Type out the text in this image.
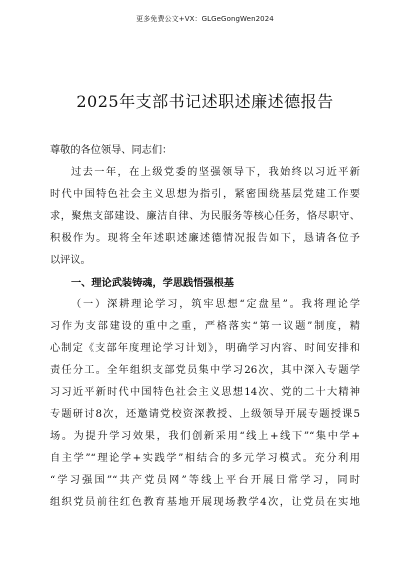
更多免费公文+VX：GLGeGongWen2024
2025年支部书记述职述廉述德报告
尊敬的各位领导、同志们：
过去一年，在上级党委的坚强领导下，我始终以习近平新
时代中国特色社会主义思想为指引，紧密围绕基层党建工作要
求，聚焦支部建设、廉洁自律、为民服务等核心任务，恪尽职守、
积极作为。现将全年述职述廉述德情况报告如下，恳请各位予
以评议。
一、理论武装铸魂，学思践悟强根基
（一）深耕理论学习，筑牢思想“定盘星”。我将理论学
习作为支部建设的重中之重，严格落实“第一议题”制度，精
心制定《支部年度理论学习计划》，明确学习内容、时间安排和
责任分工。全年组织支部党员集中学习26次，其中深入专题学
习习近平新时代中国特色社会主义思想14次、党的二十大精神
专题研讨8次，还邀请党校资深教授、上级领导开展专题授课5
场。为提升学习效果，我们创新采用“线上+线下”“集中学+
自主学”“理论学+实践学”相结合的多元学习模式。充分利用
“学习强国”“共产党员网”等线上平台开展日常学习，同时
组织党员前往红色教育基地开展现场教学4次，让党员在实地
